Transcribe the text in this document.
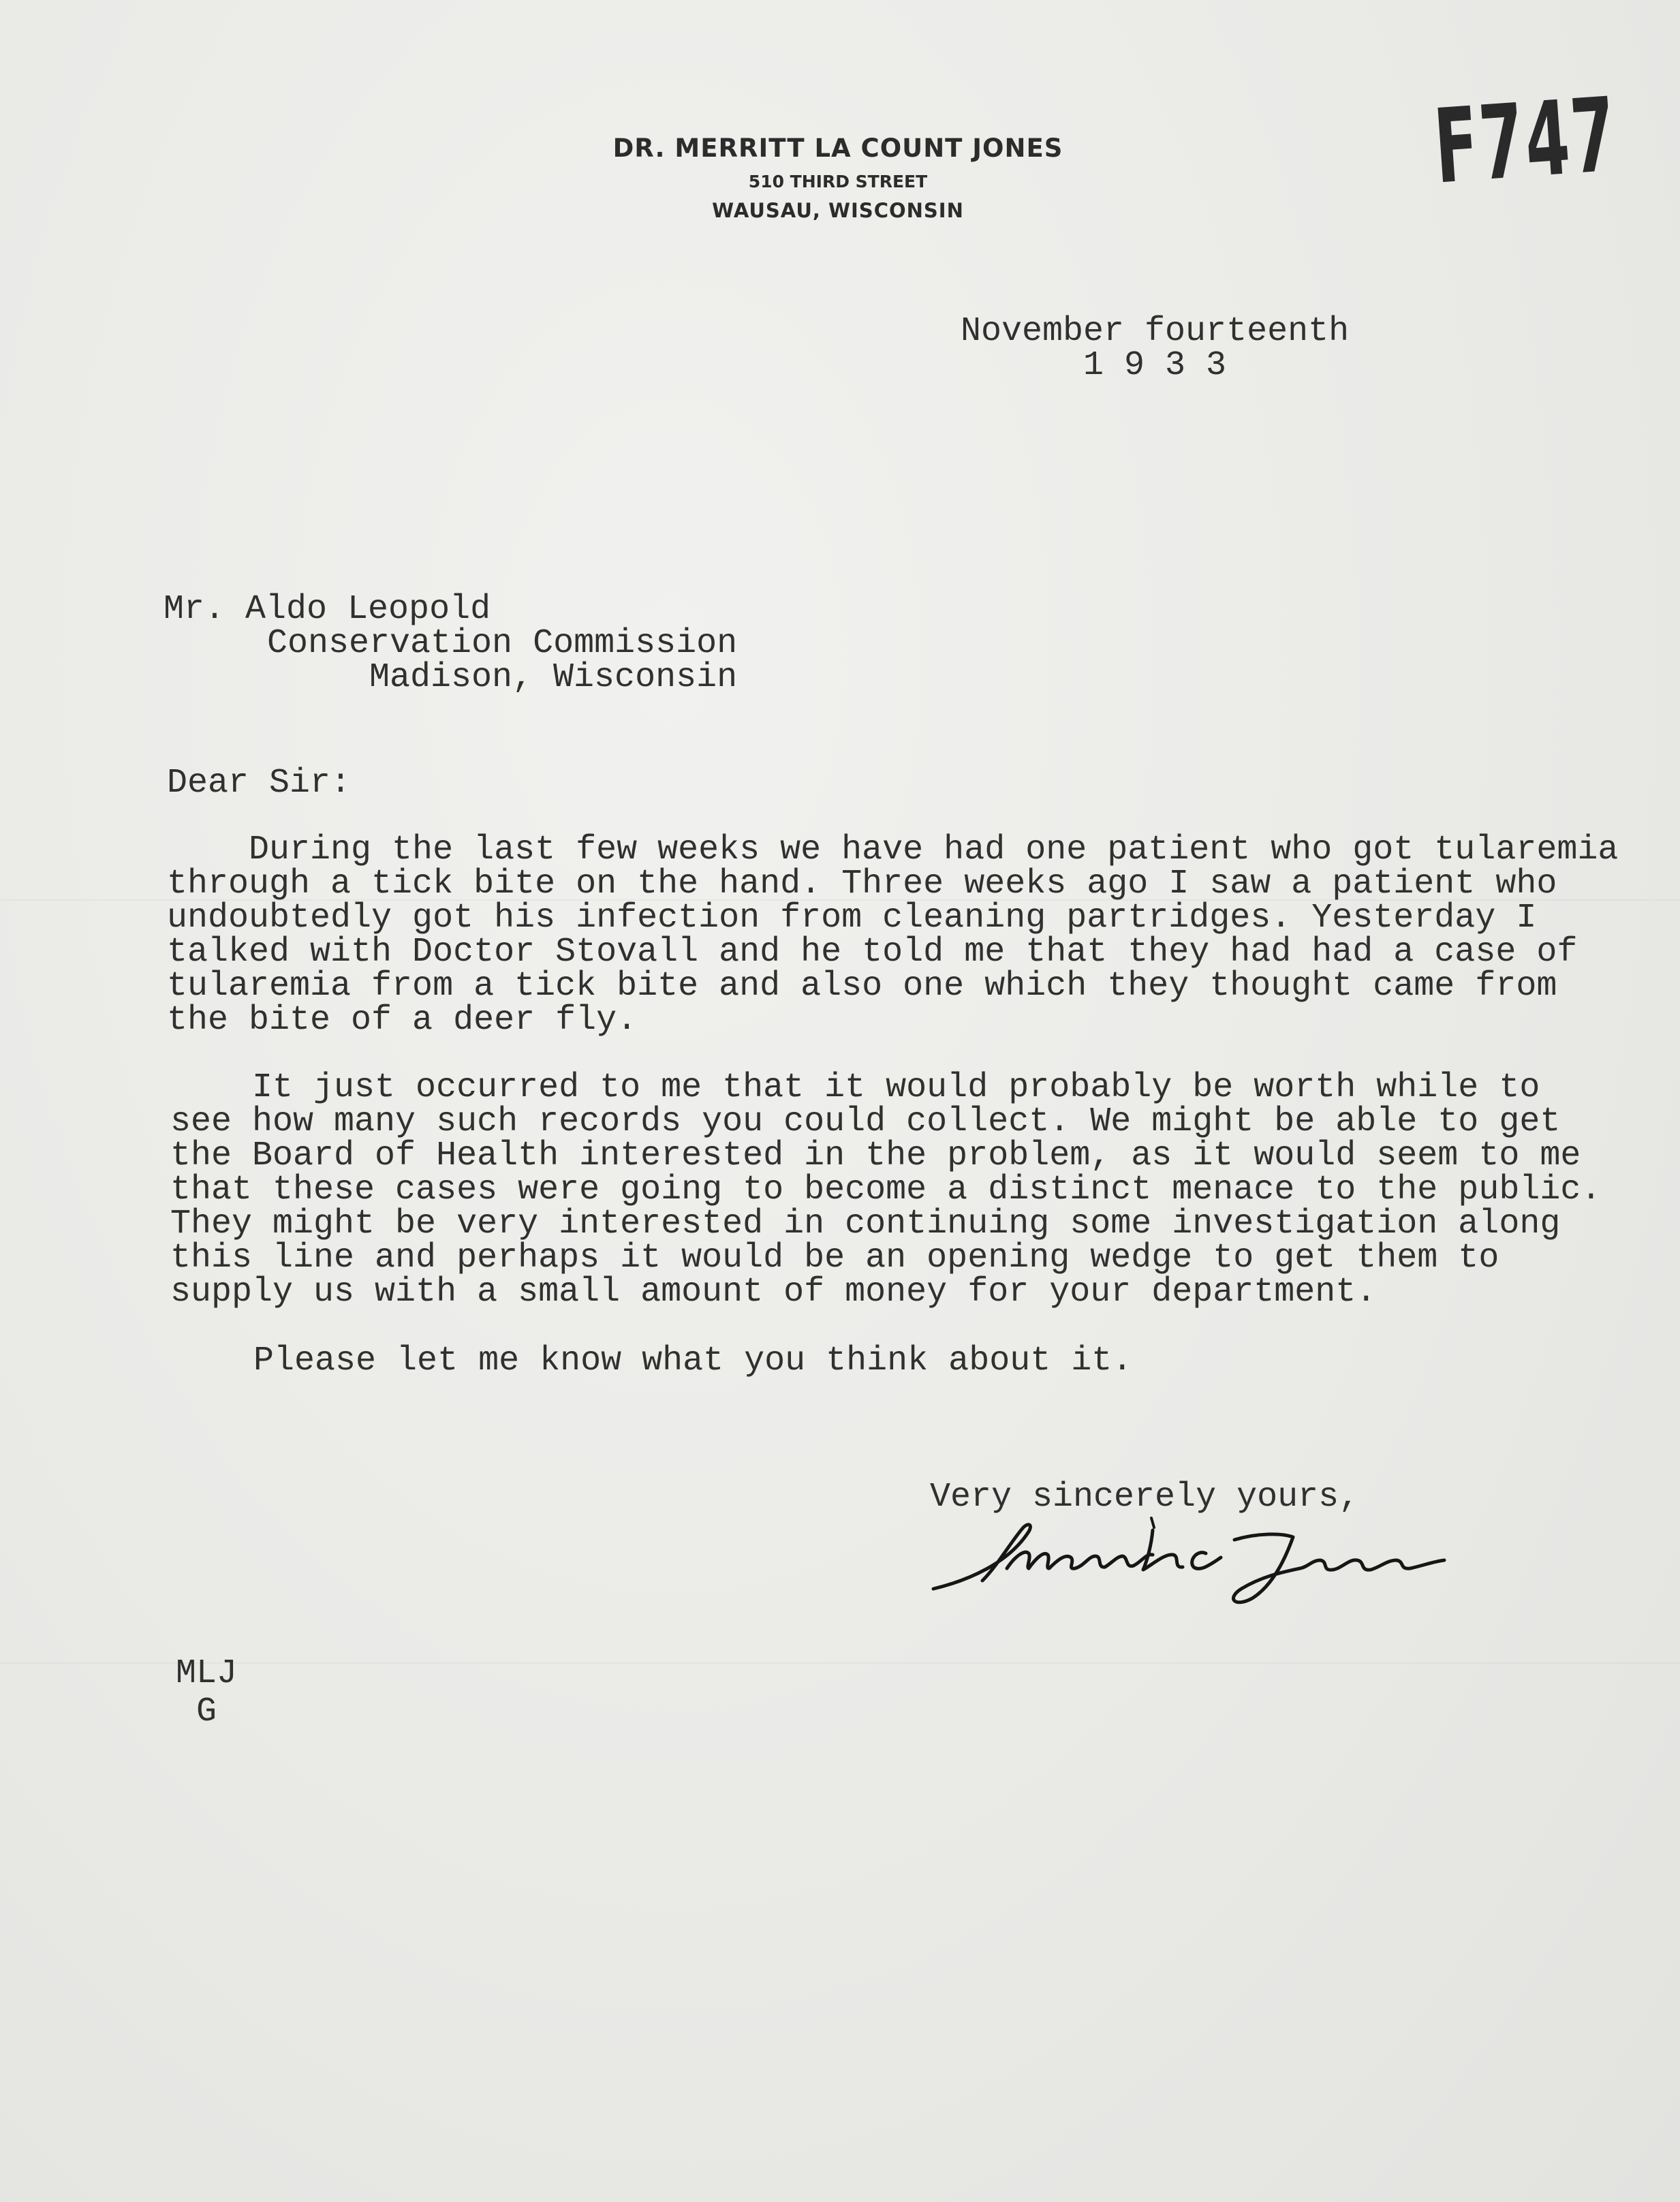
DR. MERRITT LA COUNT JONES
510 THIRD STREET
WAUSAU, WISCONSIN
F747
November fourteenth
1 9 3 3
Mr. Aldo Leopold
Conservation Commission
Madison, Wisconsin
Dear Sir:
During the last few weeks we have had one patient who got tularemia
through a tick bite on the hand. Three weeks ago I saw a patient who
undoubtedly got his infection from cleaning partridges. Yesterday I
talked with Doctor Stovall and he told me that they had had a case of
tularemia from a tick bite and also one which they thought came from
the bite of a deer fly.
It just occurred to me that it would probably be worth while to
see how many such records you could collect. We might be able to get
the Board of Health interested in the problem, as it would seem to me
that these cases were going to become a distinct menace to the public.
They might be very interested in continuing some investigation along
this line and perhaps it would be an opening wedge to get them to
supply us with a small amount of money for your department.
Please let me know what you think about it.
Very sincerely yours,
MLJ
G
